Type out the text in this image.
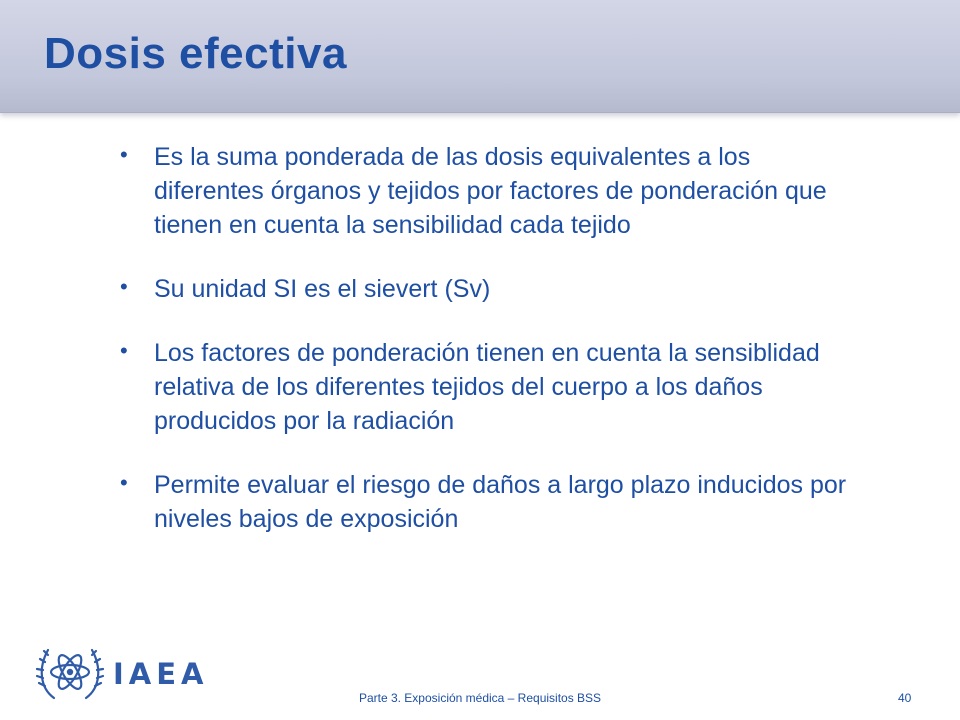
Dosis efectiva
• Es la suma ponderada de las dosis equivalentes a los diferentes órganos y tejidos por factores de ponderación que tienen en cuenta la sensibilidad cada tejido
• Su unidad SI es el sievert (Sv)
• Los factores de ponderación tienen en cuenta la sensiblidad relativa de los diferentes tejidos del cuerpo a los daños producidos por la radiación
• Permite evaluar el riesgo de daños a largo plazo inducidos por niveles bajos de exposición
IAEA
Parte 3. Exposición médica – Requisitos BSS	40
